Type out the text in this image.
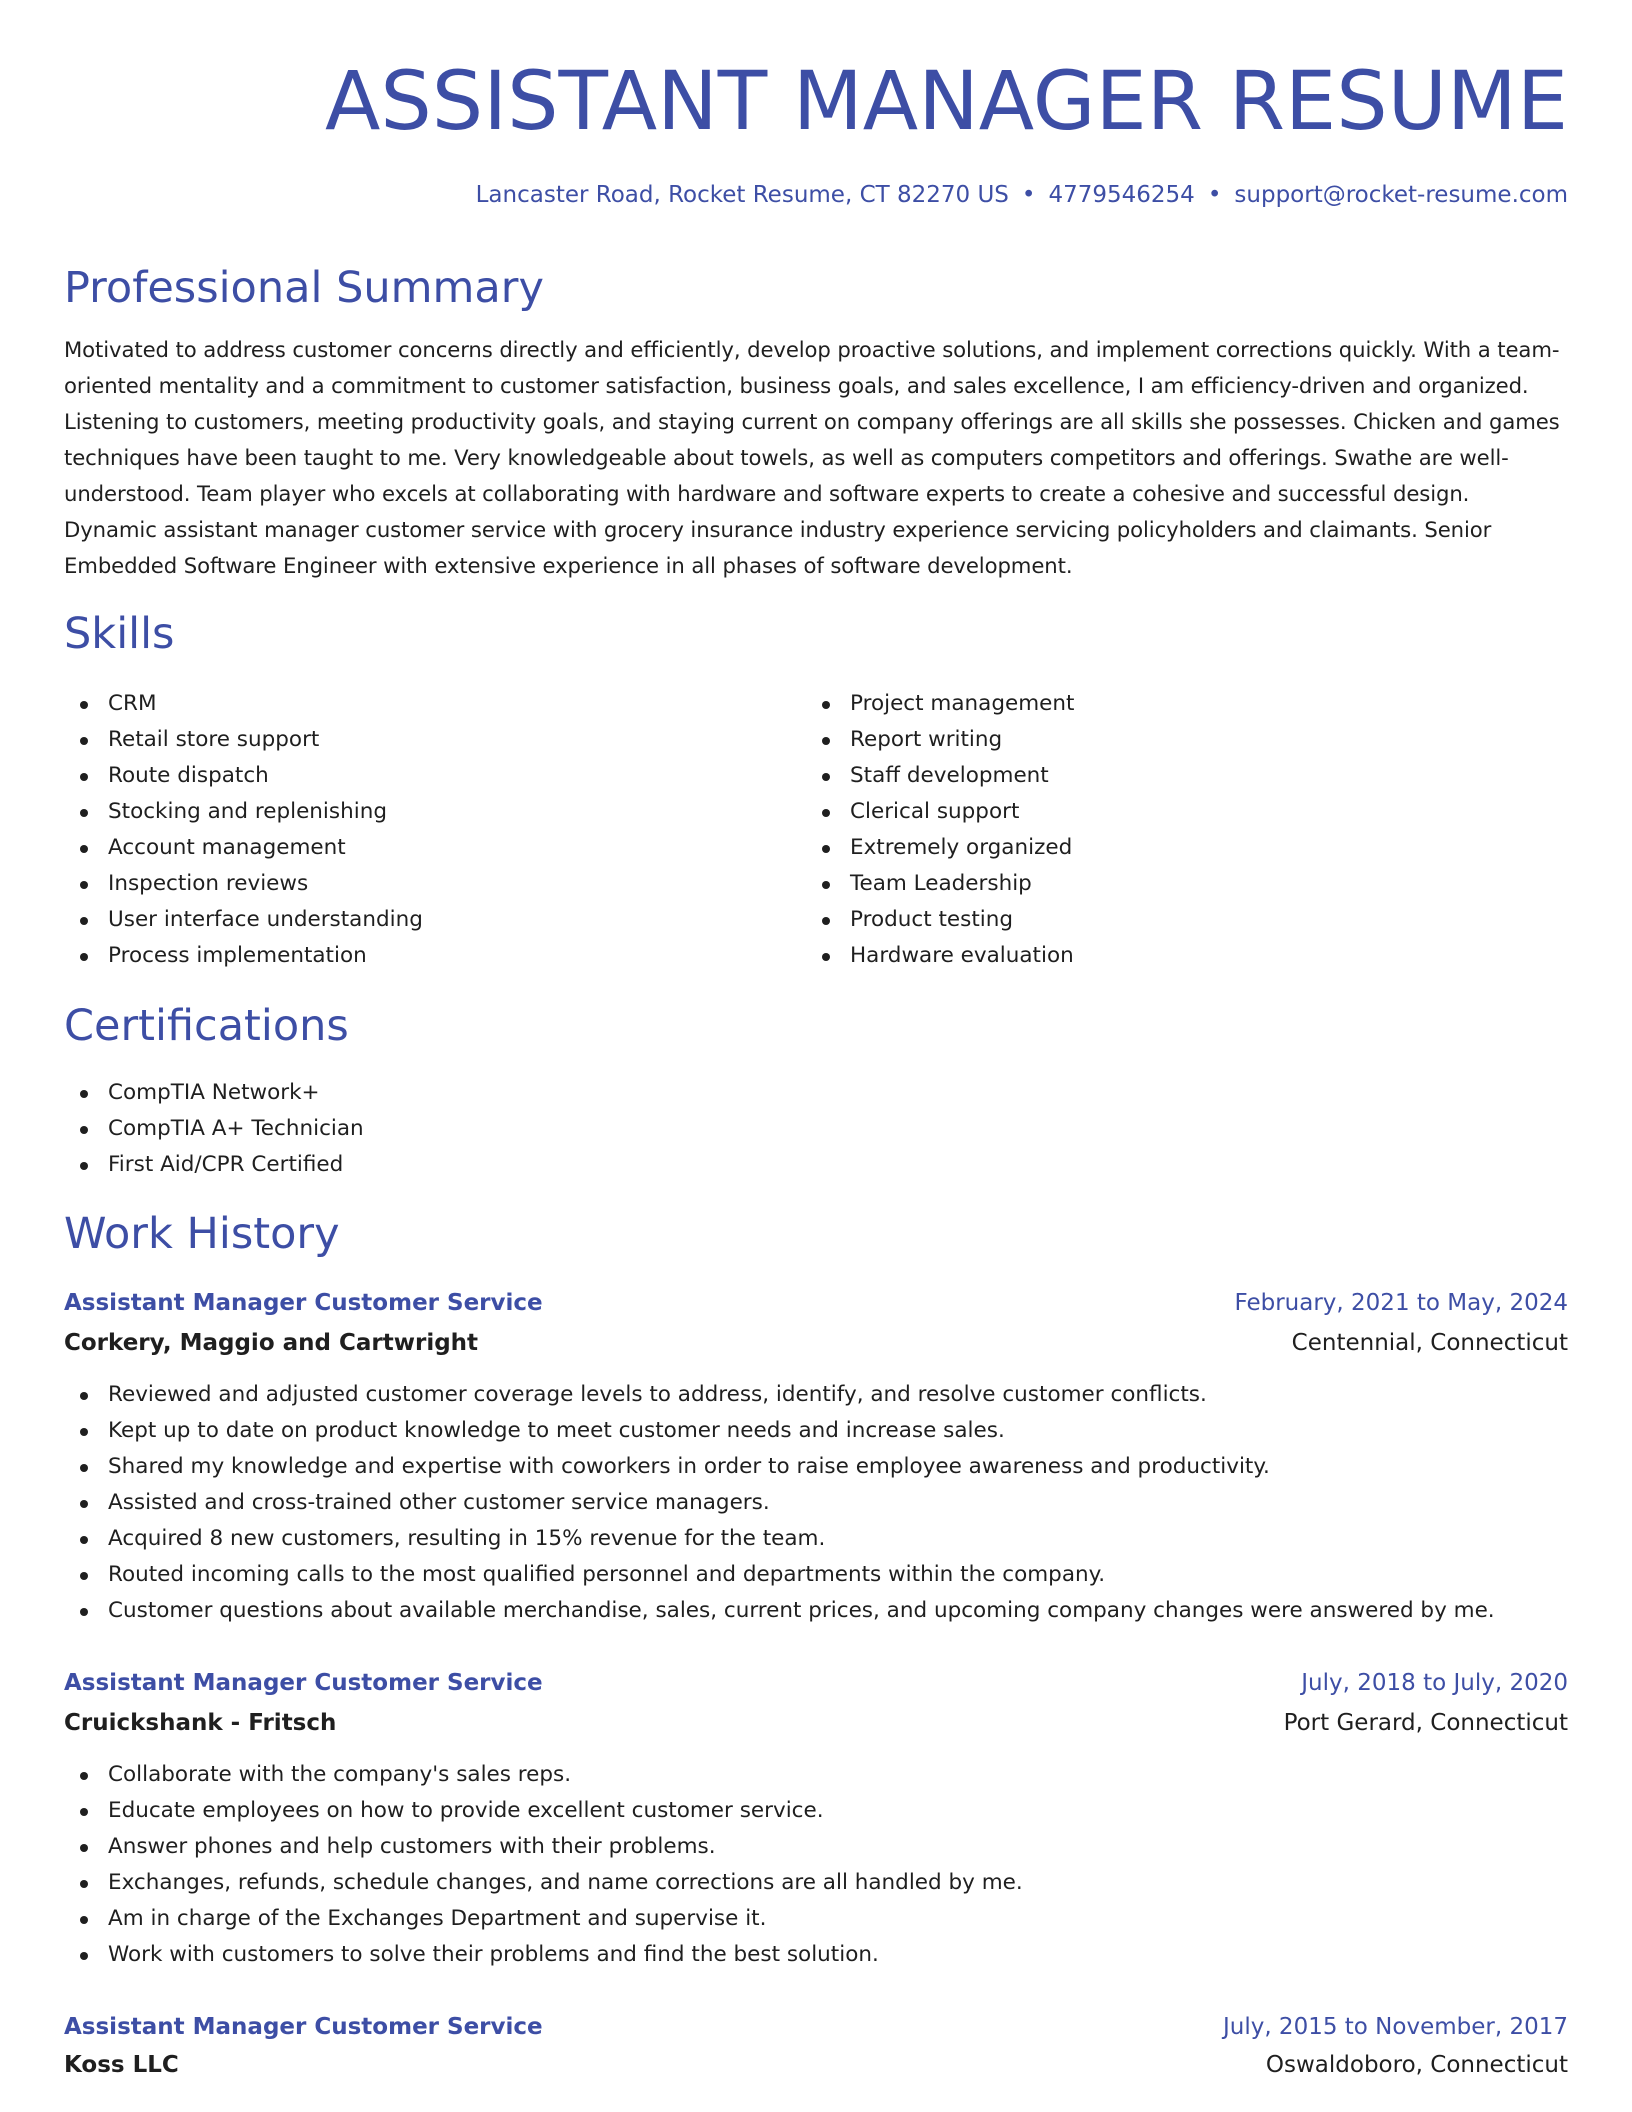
ASSISTANT MANAGER RESUME
Lancaster Road, Rocket Resume, CT 82270 US • 4779546254 • support@rocket-resume.com
Professional Summary

Motivated to address customer concerns directly and efficiently, develop proactive solutions, and implement corrections quickly. With a team-oriented mentality and a commitment to customer satisfaction, business goals, and sales excellence, I am efficiency-driven and organized. Listening to customers, meeting productivity goals, and staying current on company offerings are all skills she possesses. Chicken and games techniques have been taught to me. Very knowledgeable about towels, as well as computers competitors and offerings. Swathe are well-understood. Team player who excels at collaborating with hardware and software experts to create a cohesive and successful design. Dynamic assistant manager customer service with grocery insurance industry experience servicing policyholders and claimants. Senior Embedded Software Engineer with extensive experience in all phases of software development.

Skills
CRM
Retail store support
Route dispatch
Stocking and replenishing
Account management
Inspection reviews
User interface understanding
Process implementation
Project management
Report writing
Staff development
Clerical support
Extremely organized
Team Leadership
Product testing
Hardware evaluation
Certifications
CompTIA Network+
CompTIA A+ Technician
First Aid/CPR Certified
Work History
Assistant Manager Customer Service	February, 2021 to May, 2024
Corkery, Maggio and Cartwright	Centennial, Connecticut
Reviewed and adjusted customer coverage levels to address, identify, and resolve customer conflicts.
Kept up to date on product knowledge to meet customer needs and increase sales.
Shared my knowledge and expertise with coworkers in order to raise employee awareness and productivity.
Assisted and cross-trained other customer service managers.
Acquired 8 new customers, resulting in 15% revenue for the team.
Routed incoming calls to the most qualified personnel and departments within the company.
Customer questions about available merchandise, sales, current prices, and upcoming company changes were answered by me.
Assistant Manager Customer Service	July, 2018 to July, 2020
Cruickshank - Fritsch	Port Gerard, Connecticut
Collaborate with the company's sales reps.
Educate employees on how to provide excellent customer service.
Answer phones and help customers with their problems.
Exchanges, refunds, schedule changes, and name corrections are all handled by me.
Am in charge of the Exchanges Department and supervise it.
Work with customers to solve their problems and find the best solution.
Assistant Manager Customer Service	July, 2015 to November, 2017
Koss LLC	Oswaldoboro, Connecticut
